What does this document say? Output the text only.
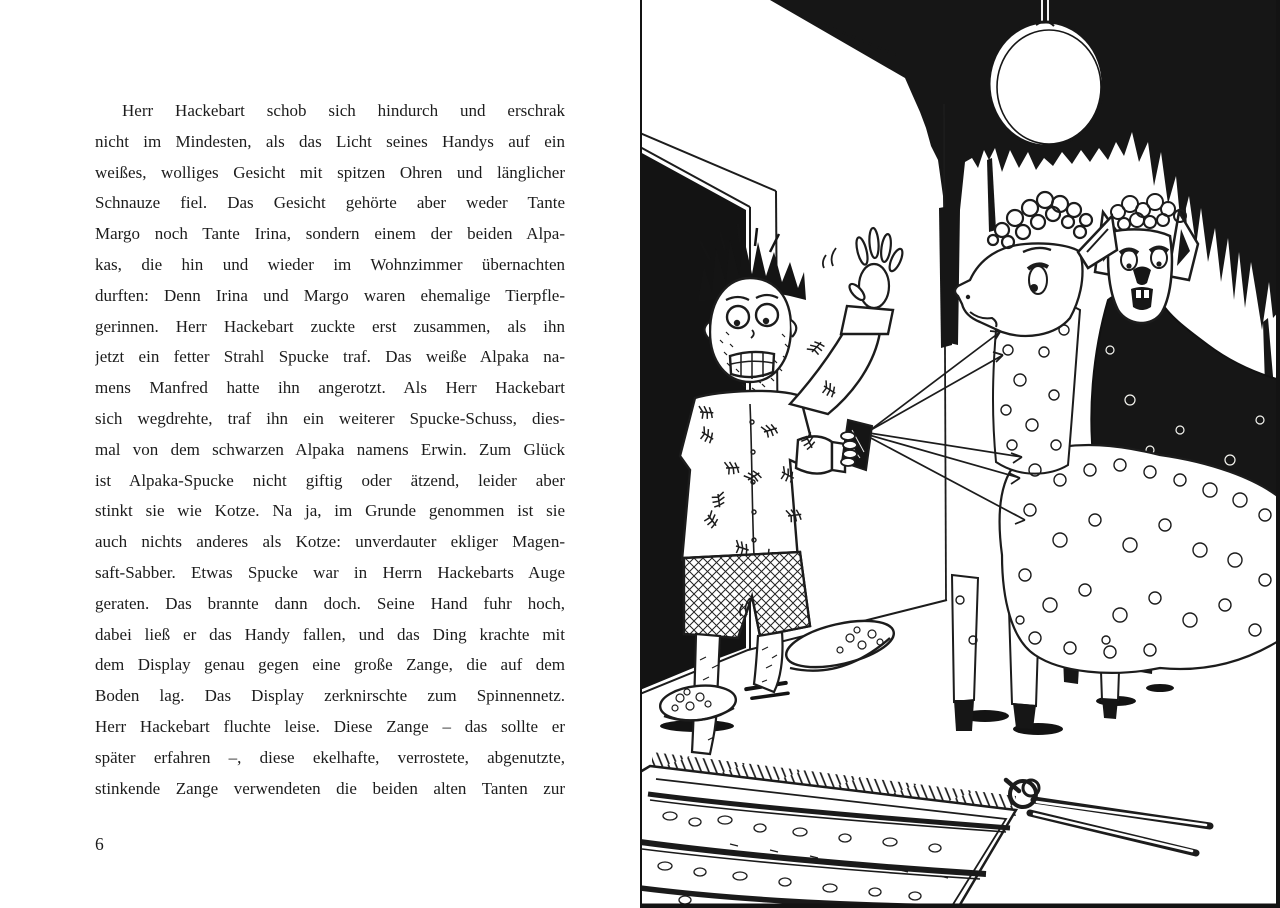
Herr Hackebart schob sich hindurch und erschrak
nicht im Mindesten, als das Licht seines Handys auf ein
weißes, wolliges Gesicht mit spitzen Ohren und länglicher
Schnauze fiel. Das Gesicht gehörte aber weder Tante
Margo noch Tante Irina, sondern einem der beiden Alpa-
kas, die hin und wieder im Wohnzimmer übernachten
durften: Denn Irina und Margo waren ehemalige Tierpfle-
gerinnen. Herr Hackebart zuckte erst zusammen, als ihn
jetzt ein fetter Strahl Spucke traf. Das weiße Alpaka na-
mens Manfred hatte ihn angerotzt. Als Herr Hackebart
sich wegdrehte, traf ihn ein weiterer Spucke-Schuss, dies-
mal von dem schwarzen Alpaka namens Erwin. Zum Glück
ist Alpaka-Spucke nicht giftig oder ätzend, leider aber
stinkt sie wie Kotze. Na ja, im Grunde genommen ist sie
auch nichts anderes als Kotze: unverdauter ekliger Magen-
saft-Sabber. Etwas Spucke war in Herrn Hackebarts Auge
geraten. Das brannte dann doch. Seine Hand fuhr hoch,
dabei ließ er das Handy fallen, und das Ding krachte mit
dem Display genau gegen eine große Zange, die auf dem
Boden lag. Das Display zerknirschte zum Spinnennetz.
Herr Hackebart fluchte leise. Diese Zange – das sollte er
später erfahren –, diese ekelhafte, verrostete, abgenutzte,
stinkende Zange verwendeten die beiden alten Tanten zur
6
